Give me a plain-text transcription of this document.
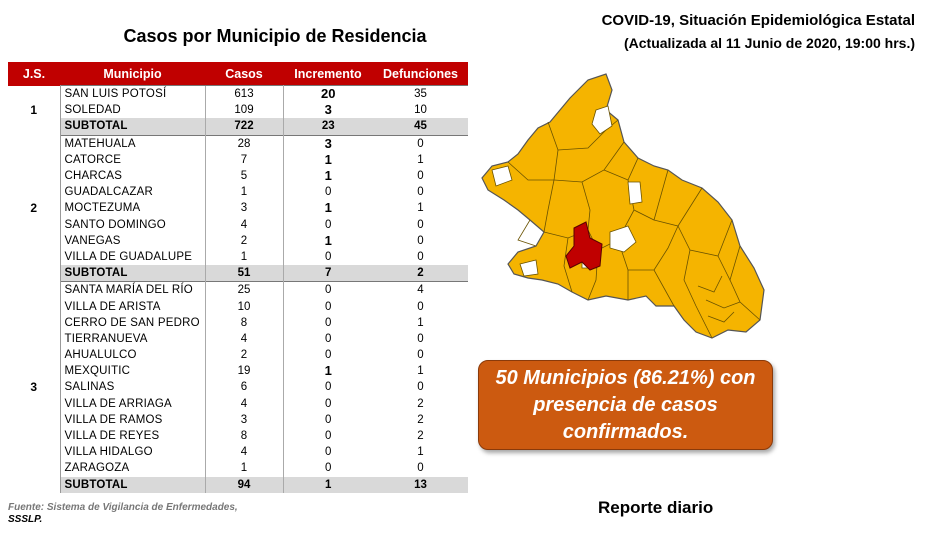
Casos por Municipio de Residencia
COVID-19, Situación Epidemiológica Estatal
(Actualizada al 11 Junio de 2020, 19:00 hrs.)
J.S.	Municipio	Casos	Incremento	Defunciones
1	SAN LUIS POTOSÍ	613	20	35
	SOLEDAD	109	3	10
	SUBTOTAL	722	23	45
2	MATEHUALA	28	3	0
	CATORCE	7	1	1
	CHARCAS	5	1	0
	GUADALCAZAR	1	0	0
	MOCTEZUMA	3	1	1
	SANTO DOMINGO	4	0	0
	VANEGAS	2	1	0
	VILLA DE GUADALUPE	1	0	0
	SUBTOTAL	51	7	2
3	SANTA MARÍA DEL RÍO	25	0	4
	VILLA DE ARISTA	10	0	0
	CERRO DE SAN PEDRO	8	0	1
	TIERRANUEVA	4	0	0
	AHUALULCO	2	0	0
	MEXQUITIC	19	1	1
	SALINAS	6	0	0
	VILLA DE ARRIAGA	4	0	2
	VILLA DE RAMOS	3	0	2
	VILLA DE REYES	8	0	2
	VILLA HIDALGO	4	0	1
	ZARAGOZA	1	0	0
	SUBTOTAL	94	1	13
Fuente: Sistema de Vigilancia de Enfermedades,
SSSLP.
50 Municipios (86.21%) con presencia de casos confirmados.
Reporte diario
